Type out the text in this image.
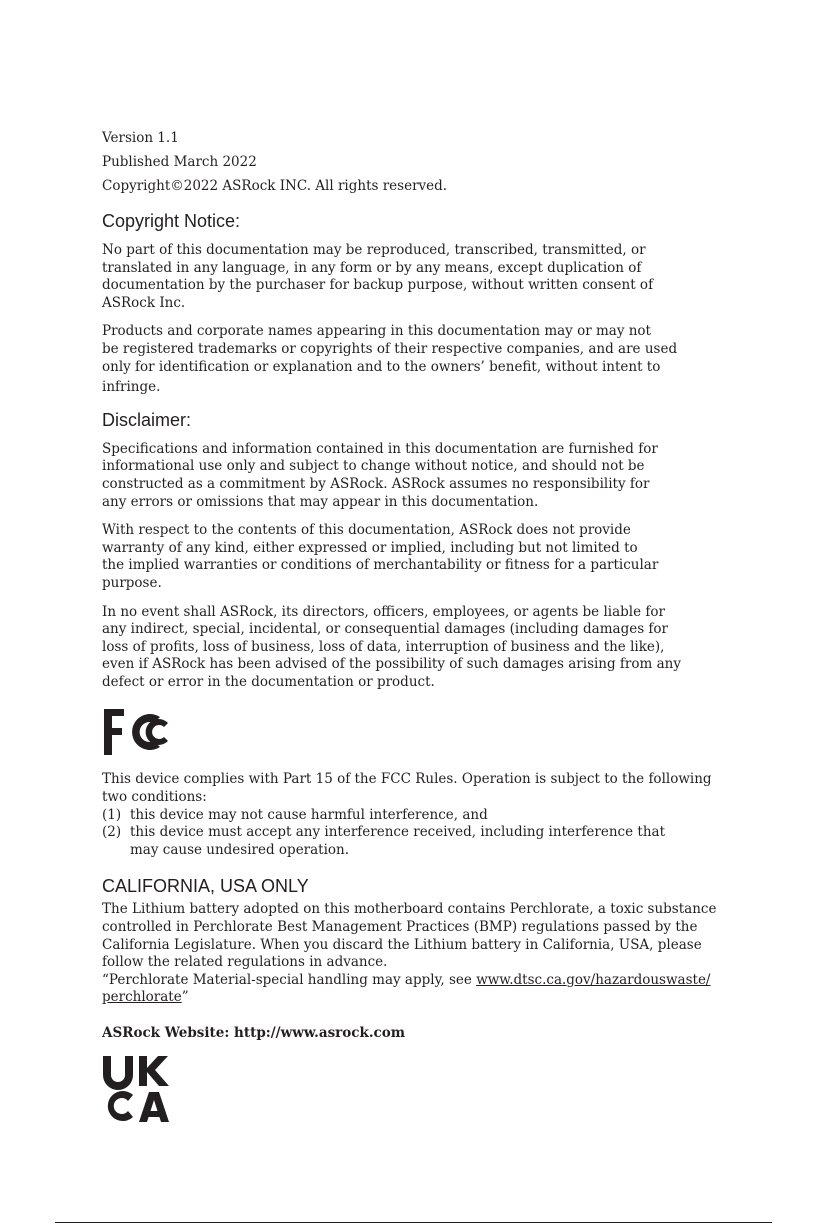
Version 1.1

Published March 2022

Copyright©2022 ASRock INC. All rights reserved.

Copyright Notice:

No part of this documentation may be reproduced, transcribed, transmitted, or
translated in any language, in any form or by any means, except duplication of
documentation by the purchaser for backup purpose, without written consent of
ASRock Inc.

Products and corporate names appearing in this documentation may or may not
be registered trademarks or copyrights of their respective companies, and are used
only for identification or explanation and to the owners’ benefit, without intent to
infringe.

Disclaimer:

Specifications and information contained in this documentation are furnished for
informational use only and subject to change without notice, and should not be
constructed as a commitment by ASRock. ASRock assumes no responsibility for
any errors or omissions that may appear in this documentation.

With respect to the contents of this documentation, ASRock does not provide
warranty of any kind, either expressed or implied, including but not limited to
the implied warranties or conditions of merchantability or fitness for a particular
purpose.

In no event shall ASRock, its directors, officers, employees, or agents be liable for
any indirect, special, incidental, or consequential damages (including damages for
loss of profits, loss of business, loss of data, interruption of business and the like),
even if ASRock has been advised of the possibility of such damages arising from any
defect or error in the documentation or product.

This device complies with Part 15 of the FCC Rules. Operation is subject to the following
two conditions:

(1) this device may not cause harmful interference, and
(2) this device must accept any interference received, including interference that
may cause undesired operation.
CALIFORNIA, USA ONLY

The Lithium battery adopted on this motherboard contains Perchlorate, a toxic substance
controlled in Perchlorate Best Management Practices (BMP) regulations passed by the
California Legislature. When you discard the Lithium battery in California, USA, please
follow the related regulations in advance.
“Perchlorate Material-special handling may apply, see www.dtsc.ca.gov/hazardouswaste/
perchlorate”

ASRock Website: http://www.asrock.com
